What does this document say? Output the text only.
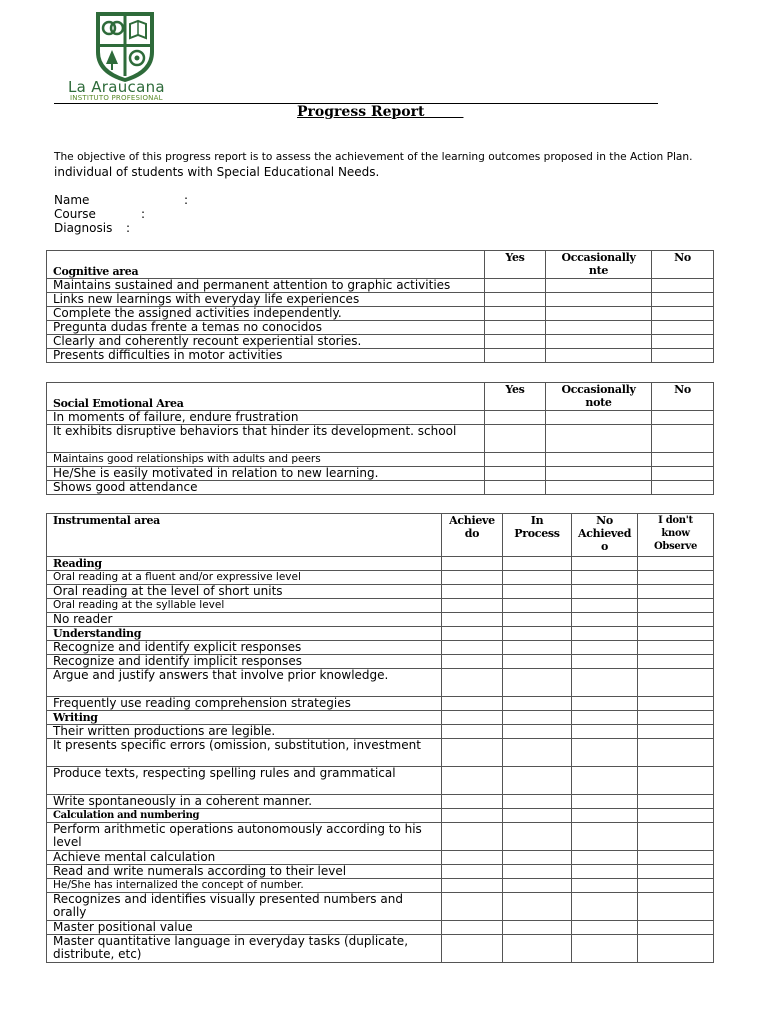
La Araucana
INSTITUTO PROFESIONAL
Progress Report
The objective of this progress report is to assess the achievement of the learning outcomes proposed in the Action Plan.
individual of students with Special Educational Needs.
Name	:
Course	:
Diagnosis :
Cognitive area	Yes	Occasionally nte	No
Maintains sustained and permanent attention to graphic activities			
Links new learnings with everyday life experiences			
Complete the assigned activities independently.			
Pregunta dudas frente a temas no conocidos			
Clearly and coherently recount experiential stories.			
Presents difficulties in motor activities			
Social Emotional Area	Yes	Occasionally note	No
In moments of failure, endure frustration			
It exhibits disruptive behaviors that hinder its development. school			
Maintains good relationships with adults and peers			
He/She is easily motivated in relation to new learning.			
Shows good attendance			
Instrumental area	Achieve do	In Process	No Achieved o	I don't know Observe
Reading				
Oral reading at a fluent and/or expressive level				
Oral reading at the level of short units				
Oral reading at the syllable level				
No reader				
Understanding				
Recognize and identify explicit responses				
Recognize and identify implicit responses				
Argue and justify answers that involve prior knowledge.				
Frequently use reading comprehension strategies				
Writing				
Their written productions are legible.				
It presents specific errors (omission, substitution, investment				
Produce texts, respecting spelling rules and grammatical				
Write spontaneously in a coherent manner.				
Calculation and numbering				
Perform arithmetic operations autonomously according to his level				
Achieve mental calculation				
Read and write numerals according to their level				
He/She has internalized the concept of number.				
Recognizes and identifies visually presented numbers and orally				
Master positional value				
Master quantitative language in everyday tasks (duplicate, distribute, etc)				
